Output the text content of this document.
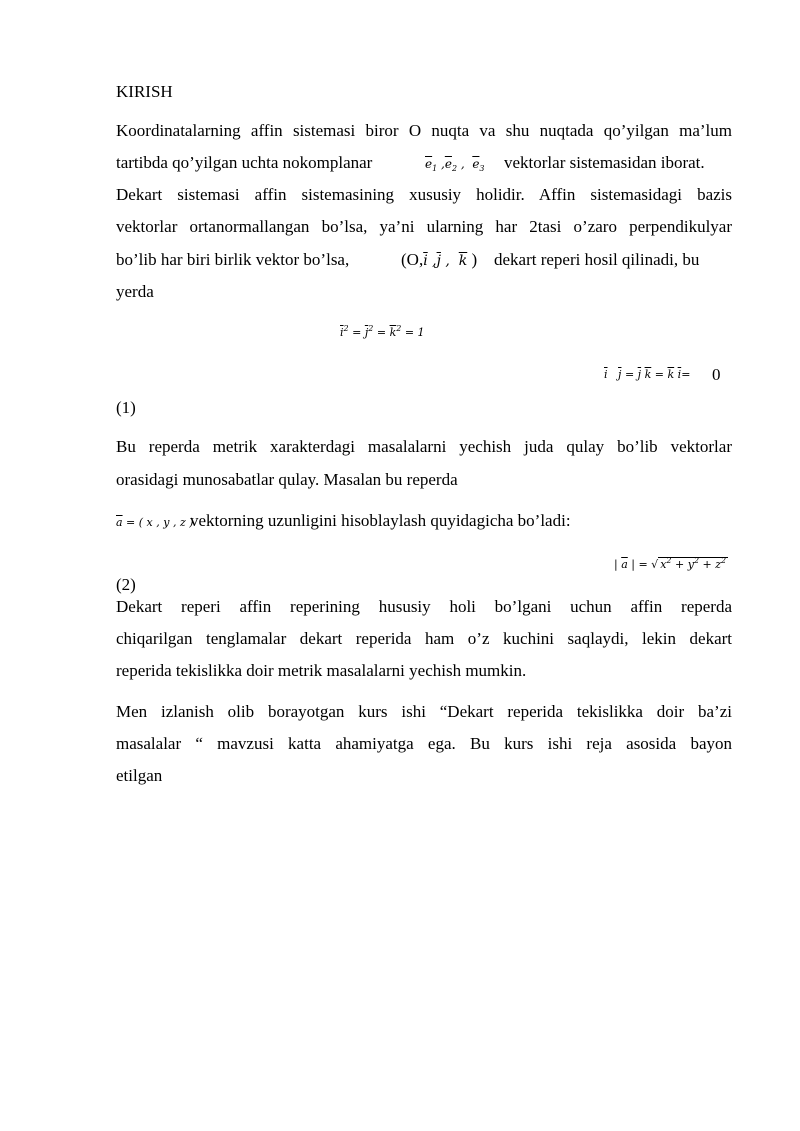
KIRISH
Koordinatalarning affin sistemasi biror O nuqta va shu nuqtada qo’yilgan ma’lum
tartibda qo’yilgan uchta nokomplanar	$\overline{e}_1$ $,\overline{e}_2$ ,  $\overline{e}_3$ vektorlar sistemasidan iborat.
Dekart sistemasi affin sistemasining xususiy holidir. Affin sistemasidagi bazis
vektorlar ortanormallangan bo’lsa, ya’ni ularning har 2tasi o’zaro perpendikulyar
bo’lib har biri birlik vektor bo’lsa,	($O,\overline{i}$ $,\overline{j}$ ,  $\overline{k}$ ) dekart reperi hosil qilinadi, bu
yerda
$\overline{i}^2 = \overline{j}^2 = \overline{k}^2 = 1$
$\overline{i}$ $\overline{j} = \overline{j}$ $\overline{k} = \overline{k}$ $\overline{i}= 0$
(1)
Bu reperda metrik xarakterdagi masalalarni yechish juda qulay bo’lib vektorlar
orasidagi munosabatlar qulay. Masalan bu reperda
$\overline{a}$ = ( x , y , z )
vektorning uzunligini hisoblaylash quyidagicha bo’ladi:
| $\overline{a}$ | = √ $x^2 + y^2 + z^2$
(2)
Dekart reperi affin reperining hususiy holi bo’lgani uchun affin reperda
chiqarilgan tenglamalar dekart reperida ham o’z kuchini saqlaydi, lekin dekart
reperida tekislikka doir metrik masalalarni yechish mumkin.
Men izlanish olib borayotgan kurs ishi “Dekart reperida tekislikka doir ba’zi
masalalar “ mavzusi katta ahamiyatga ega. Bu kurs ishi reja asosida bayon
etilgan
